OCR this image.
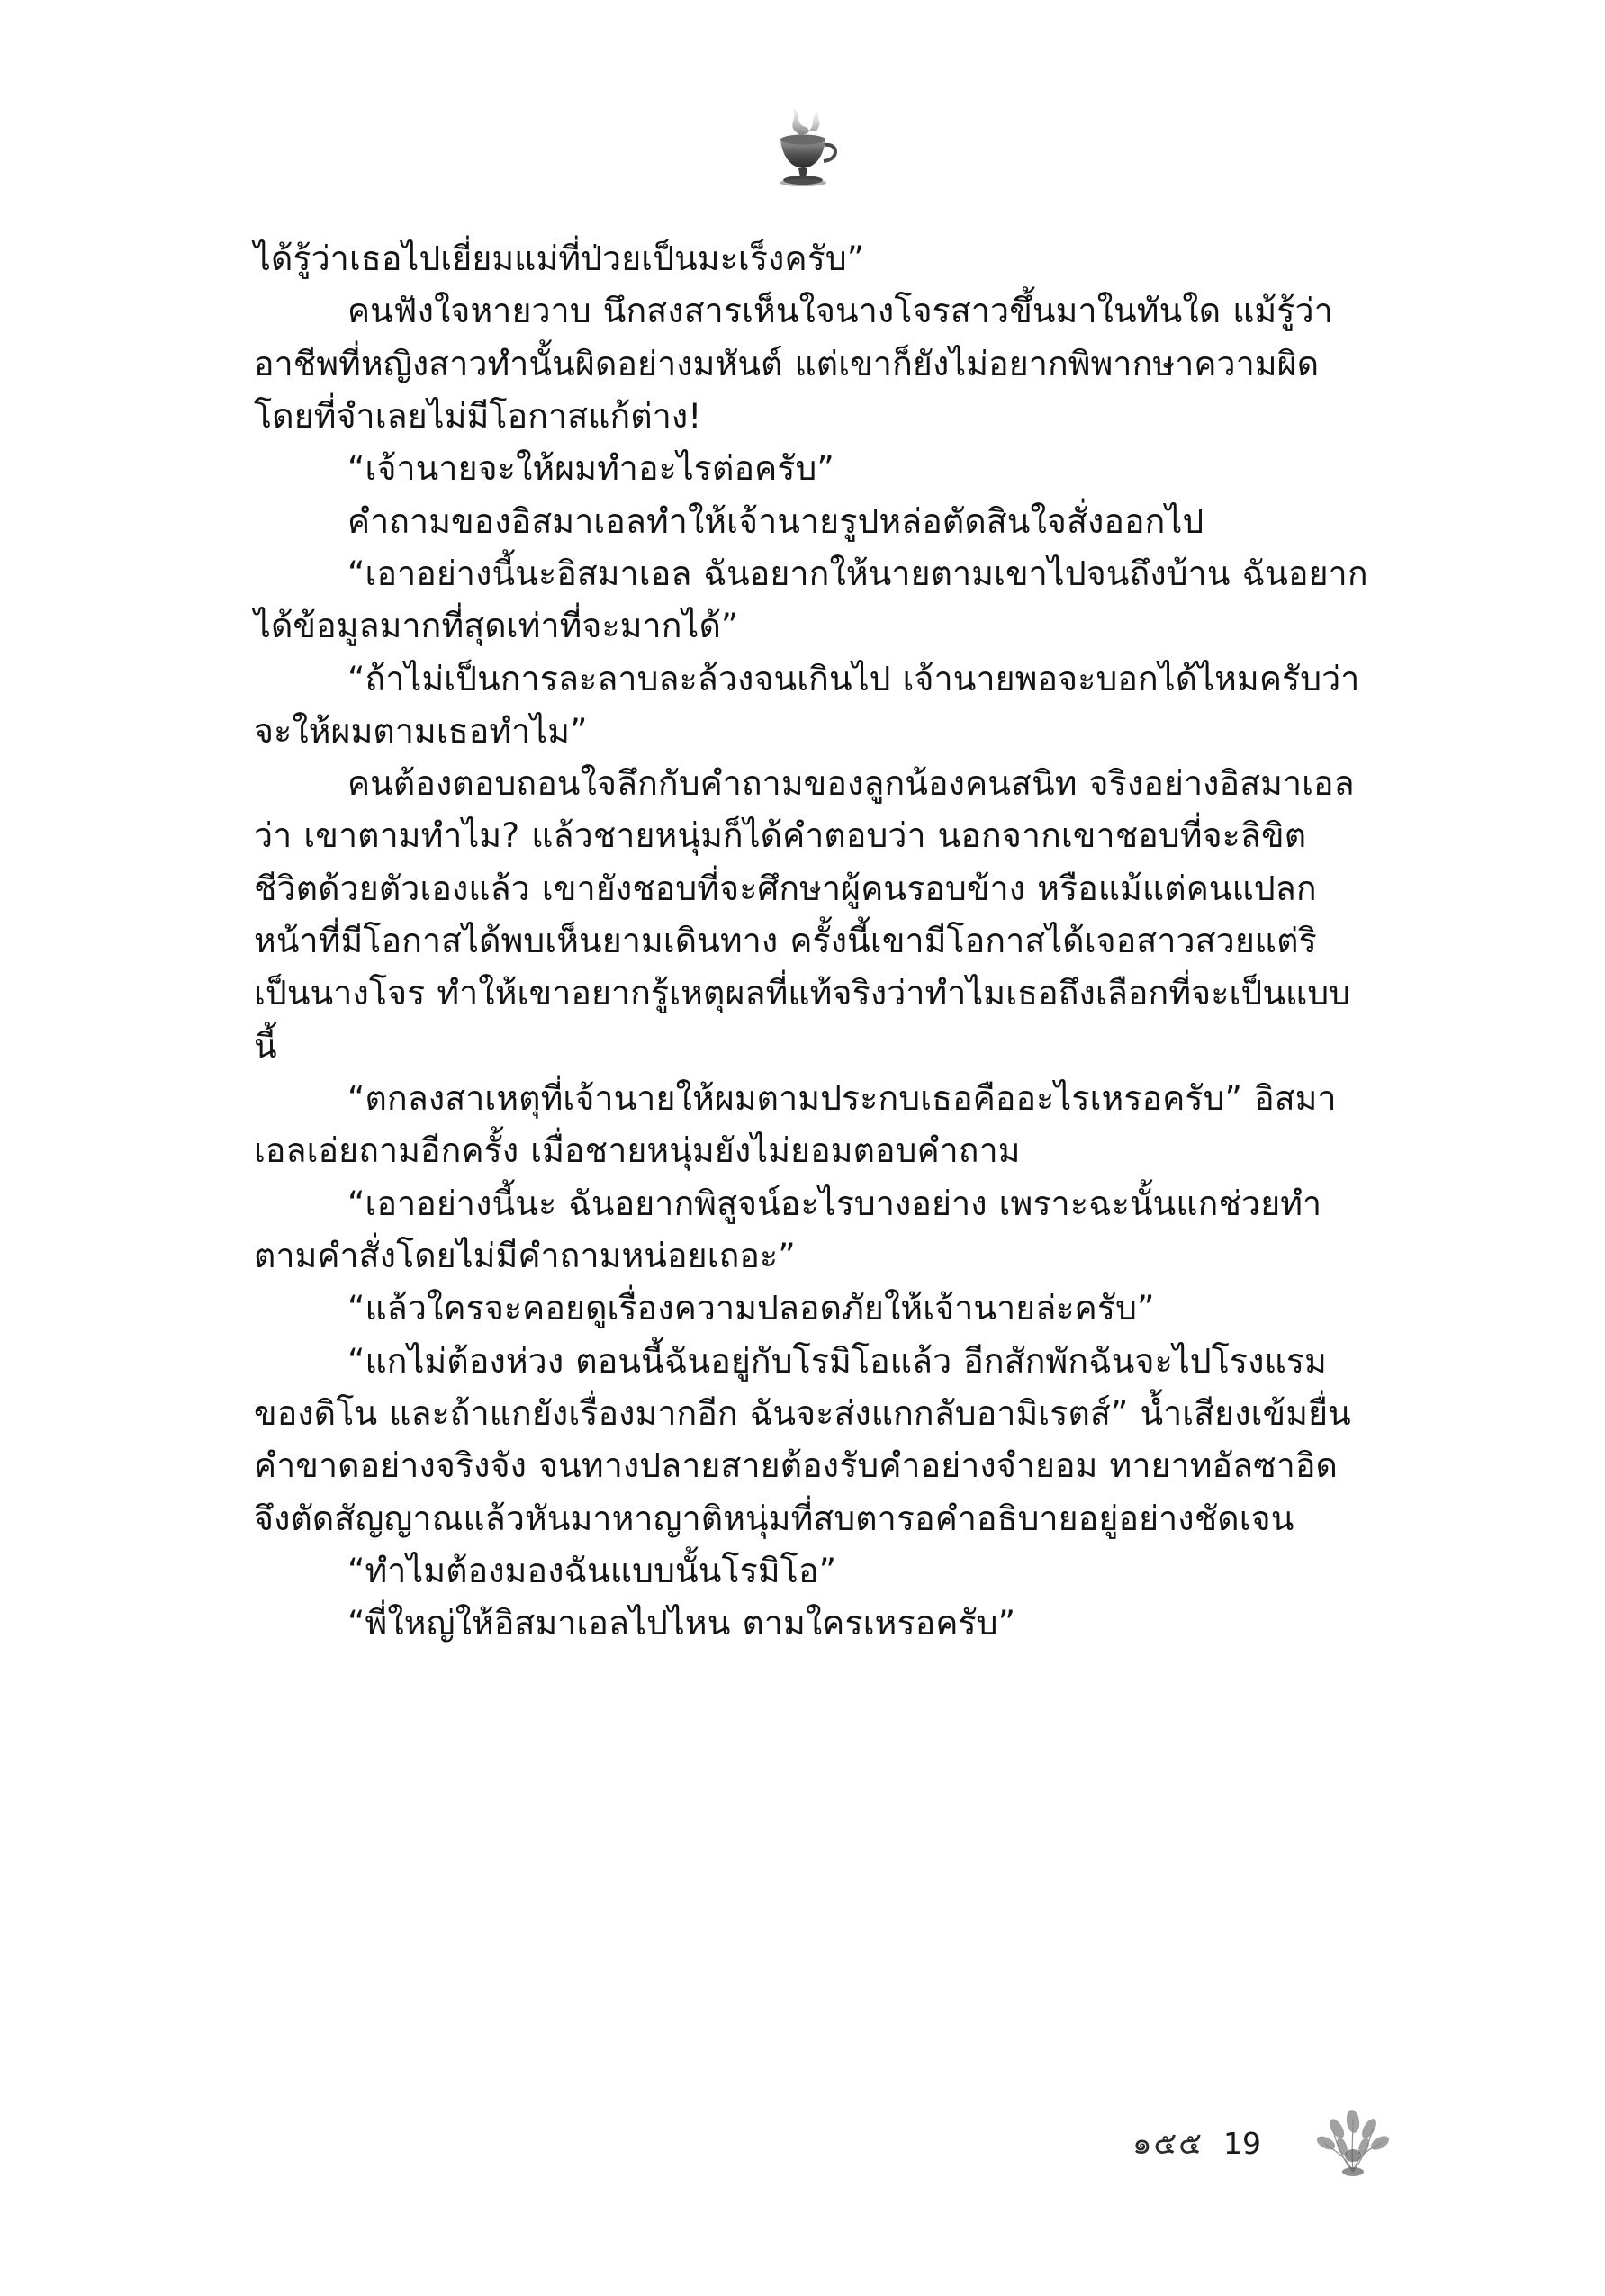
ได้รู้ว่าเธอไปเยี่ยมแม่ที่ป่วยเป็นมะเร็งครับ”

คนฟังใจหายวาบ นึกสงสารเห็นใจนางโจรสาวขึ้นมาในทันใด แม้รู้ว่าอาชีพที่หญิงสาวทำนั้นผิดอย่างมหันต์ แต่เขาก็ยังไม่อยากพิพากษาความผิดโดยที่จำเลยไม่มีโอกาสแก้ต่าง!

“เจ้านายจะให้ผมทำอะไรต่อครับ”

คำถามของอิสมาเอลทำให้เจ้านายรูปหล่อตัดสินใจสั่งออกไป

“เอาอย่างนี้นะอิสมาเอล ฉันอยากให้นายตามเขาไปจนถึงบ้าน ฉันอยากได้ข้อมูลมากที่สุดเท่าที่จะมากได้”

“ถ้าไม่เป็นการละลาบละล้วงจนเกินไป เจ้านายพอจะบอกได้ไหมครับว่า จะให้ผมตามเธอทำไม”

คนต้องตอบถอนใจลึกกับคำถามของลูกน้องคนสนิท จริงอย่างอิสมาเอลว่า เขาตามทำไม? แล้วชายหนุ่มก็ได้คำตอบว่า นอกจากเขาชอบที่จะลิขิตชีวิตด้วยตัวเองแล้ว เขายังชอบที่จะศึกษาผู้คนรอบข้าง หรือแม้แต่คนแปลกหน้าที่มีโอกาสได้พบเห็นยามเดินทาง ครั้งนี้เขามีโอกาสได้เจอสาวสวยแต่ริเป็นนางโจร ทำให้เขาอยากรู้เหตุผลที่แท้จริงว่าทำไมเธอถึงเลือกที่จะเป็นแบบนี้

“ตกลงสาเหตุที่เจ้านายให้ผมตามประกบเธอคืออะไรเหรอครับ” อิสมาเอลเอ่ยถามอีกครั้ง เมื่อชายหนุ่มยังไม่ยอมตอบคำถาม

“เอาอย่างนี้นะ ฉันอยากพิสูจน์อะไรบางอย่าง เพราะฉะนั้นแกช่วยทำตามคำสั่งโดยไม่มีคำถามหน่อยเถอะ”

“แล้วใครจะคอยดูเรื่องความปลอดภัยให้เจ้านายล่ะครับ”

“แกไม่ต้องห่วง ตอนนี้ฉันอยู่กับโรมิโอแล้ว อีกสักพักฉันจะไปโรงแรมของดิโน และถ้าแกยังเรื่องมากอีก ฉันจะส่งแกกลับอามิเรตส์” น้ำเสียงเข้มยื่นคำขาดอย่างจริงจัง จนทางปลายสายต้องรับคำอย่างจำยอม ทายาทอัลซาอิดจึงตัดสัญญาณแล้วหันมาหาญาติหนุ่มที่สบตารอคำอธิบายอยู่อย่างชัดเจน

“ทำไมต้องมองฉันแบบนั้นโรมิโอ”

“พี่ใหญ่ให้อิสมาเอลไปไหน ตามใครเหรอครับ”

๑๕๕ 19
